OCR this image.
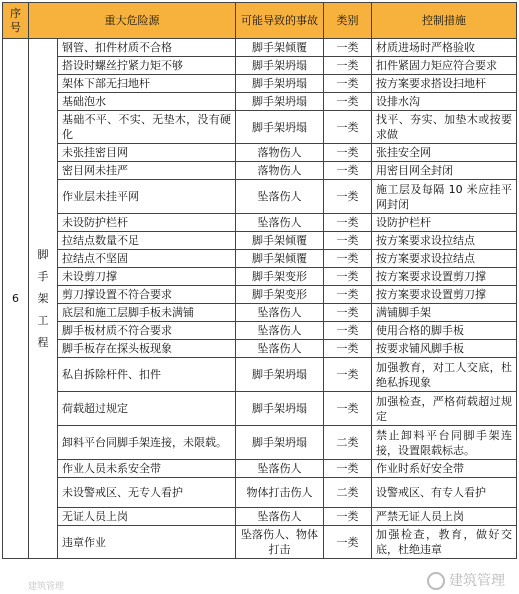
序号	重大危险源		可能导致的事故	类别	控制措施
6	脚手架工程	钢管、扣件材质不合格	脚手架倾覆	一类	材质进场时严格验收
		搭设时螺丝拧紧力矩不够	脚手架坍塌	一类	扣件紧固力矩应符合要求
		架体下部无扫地杆	脚手架坍塌	一类	按方案要求搭设扫地杆
		基础泡水	脚手架坍塌	一类	设排水沟
		基础不平、不实、无垫木，没有硬化	脚手架坍塌	一类	找平、夯实、加垫木或按要求做
		未张挂密目网	落物伤人	一类	张挂安全网
		密目网未挂严	落物伤人	一类	用密目网全封闭
		作业层未挂平网	坠落伤人	一类	施工层及每隔 10 米应挂平网封闭
		未设防护栏杆	坠落伤人	一类	设防护栏杆
		拉结点数量不足	脚手架倾覆	一类	按方案要求设拉结点
		拉结点不坚固	脚手架倾覆	一类	按方案要求设拉结点
		未设剪刀撑	脚手架变形	一类	按方案要求设置剪刀撑
		剪刀撑设置不符合要求	脚手架变形	一类	按方案要求设置剪刀撑
		底层和施工层脚手板未满铺	坠落伤人	一类	满铺脚手架
		脚手板材质不符合要求	坠落伤人	一类	使用合格的脚手板
		脚手板存在探头板现象	坠落伤人	一类	按要求铺风脚手板
		私自拆除杆件、扣件	脚手架坍塌	一类	加强教育，对工人交底，杜绝私拆现象
		荷载超过规定	脚手架坍塌	一类	加强检查，严格荷载超过规定
		卸料平台同脚手架连接，未限载。	脚手架坍塌	二类	禁止卸料平台同脚手架连接，设置限载标志。
		作业人员未系安全带	坠落伤人	一类	作业时系好安全带
		未设警戒区、无专人看护	物体打击伤人	二类	设警戒区、有专人看护
		无证人员上岗	坠落伤人	一类	严禁无证人员上岗
		违章作业	坠落伤人、物体打击	一类	加强检查，教育，做好交底，杜绝违章
建筑管理	建筑管理
